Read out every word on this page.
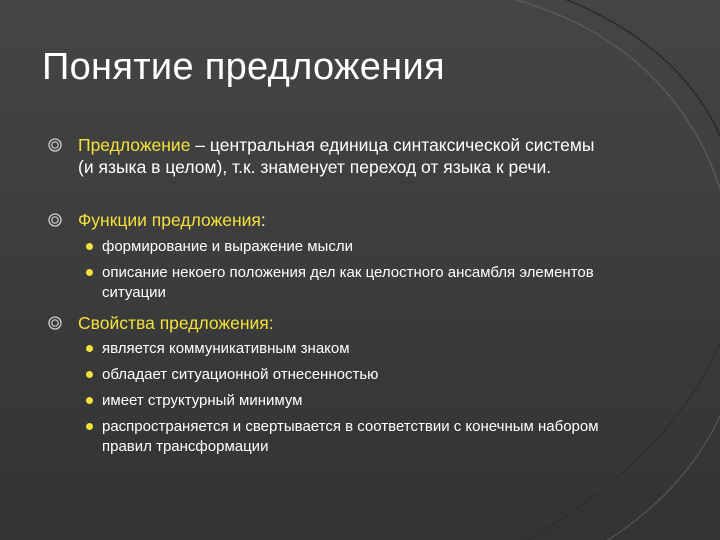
Понятие предложения
Предложение – центральная единица синтаксической системы (и языка в целом), т.к. знаменует переход от языка к речи.
Функции предложения:
формирование и выражение мысли
описание некоего положения дел как целостного ансамбля элементов ситуации
Свойства предложения:
является коммуникативным знаком
обладает ситуационной отнесенностью
имеет структурный минимум
распространяется и свертывается в соответствии с конечным набором правил трансформации
